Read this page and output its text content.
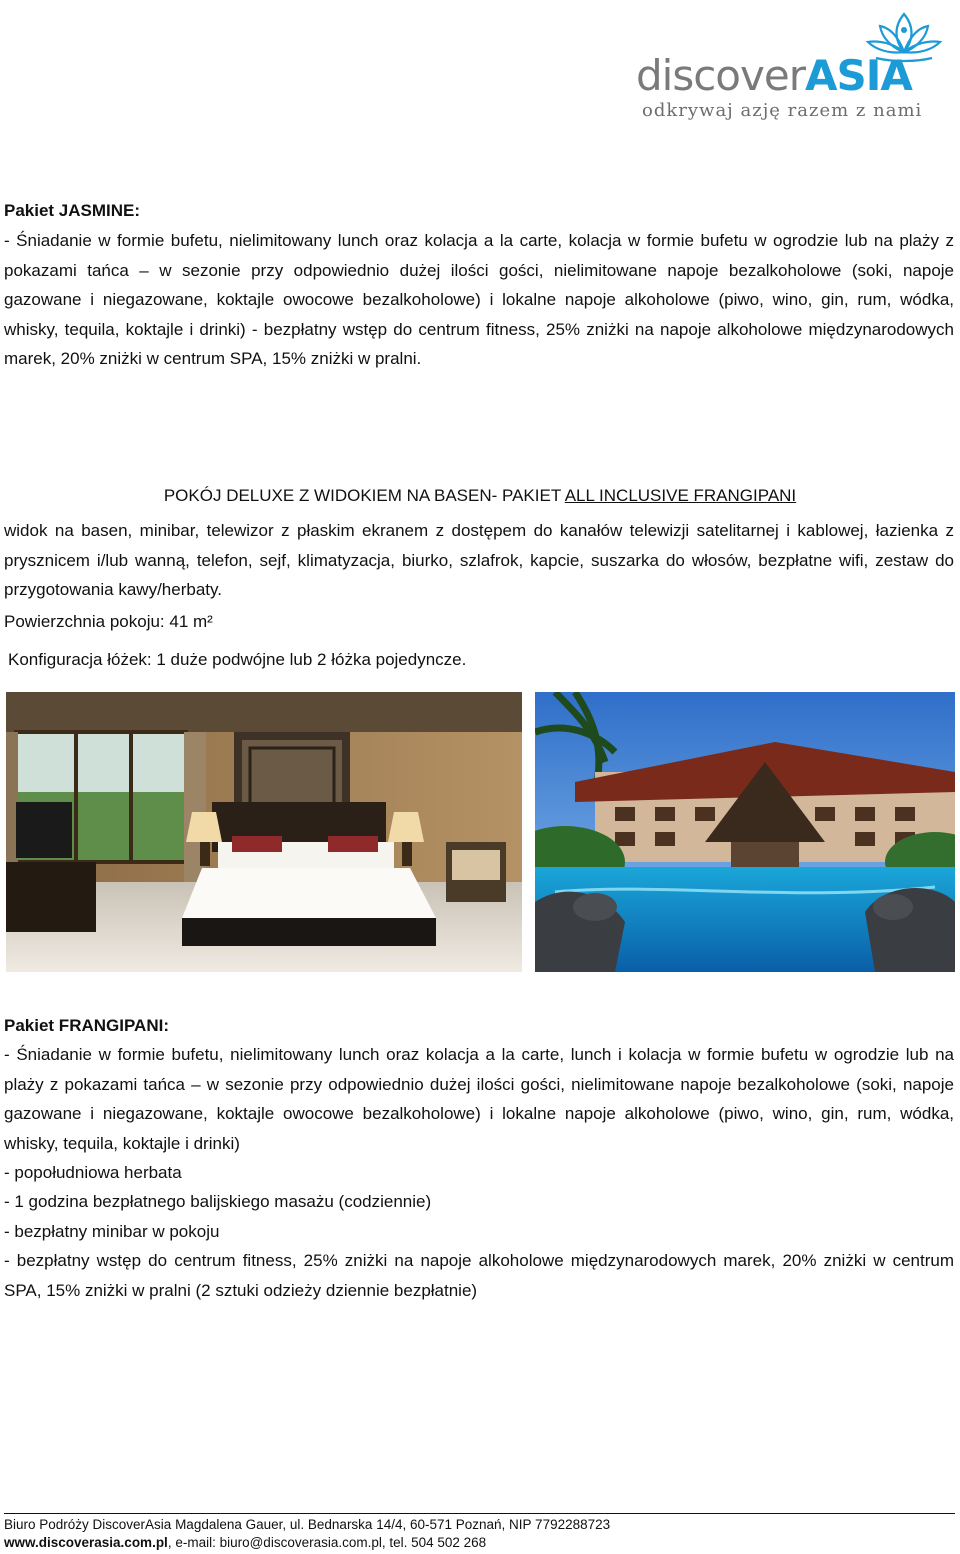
discoverASIA
odkrywaj azję razem z nami
Pakiet JASMINE:
- Śniadanie w formie bufetu, nielimitowany lunch oraz kolacja a la carte, kolacja w formie bufetu w ogrodzie lub na plaży z pokazami tańca – w sezonie przy odpowiednio dużej ilości gości, nielimitowane napoje bezalkoholowe (soki, napoje gazowane i niegazowane, koktajle owocowe bezalkoholowe) i lokalne napoje alkoholowe (piwo, wino, gin, rum, wódka, whisky, tequila, koktajle i drinki) - bezpłatny wstęp do centrum fitness, 25% zniżki na napoje alkoholowe międzynarodowych marek, 20% zniżki w centrum SPA, 15% zniżki w pralni.
POKÓJ DELUXE Z WIDOKIEM NA BASEN- PAKIET ALL INCLUSIVE FRANGIPANI
widok na basen, minibar, telewizor z płaskim ekranem z dostępem do kanałów telewizji satelitarnej i kablowej, łazienka z prysznicem i/lub wanną, telefon, sejf, klimatyzacja, biurko, szlafrok, kapcie, suszarka do włosów, bezpłatne wifi, zestaw do przygotowania kawy/herbaty.
Powierzchnia pokoju: 41 m²
Konfiguracja łóżek: 1 duże podwójne lub 2 łóżka pojedyncze.
Pakiet FRANGIPANI:
- Śniadanie w formie bufetu, nielimitowany lunch oraz kolacja a la carte, lunch i kolacja w formie bufetu w ogrodzie lub na plaży z pokazami tańca – w sezonie przy odpowiednio dużej ilości gości, nielimitowane napoje bezalkoholowe (soki, napoje gazowane i niegazowane, koktajle owocowe bezalkoholowe) i lokalne napoje alkoholowe (piwo, wino, gin, rum, wódka, whisky, tequila, koktajle i drinki)
- popołudniowa herbata
- 1 godzina bezpłatnego balijskiego masażu (codziennie)
- bezpłatny minibar w pokoju
- bezpłatny wstęp do centrum fitness, 25% zniżki na napoje alkoholowe międzynarodowych marek, 20% zniżki w centrum SPA, 15% zniżki w pralni (2 sztuki odzieży dziennie bezpłatnie)
Biuro Podróży DiscoverAsia Magdalena Gauer, ul. Bednarska 14/4, 60-571 Poznań, NIP 7792288723
www.discoverasia.com.pl, e-mail: biuro@discoverasia.com.pl, tel. 504 502 268
